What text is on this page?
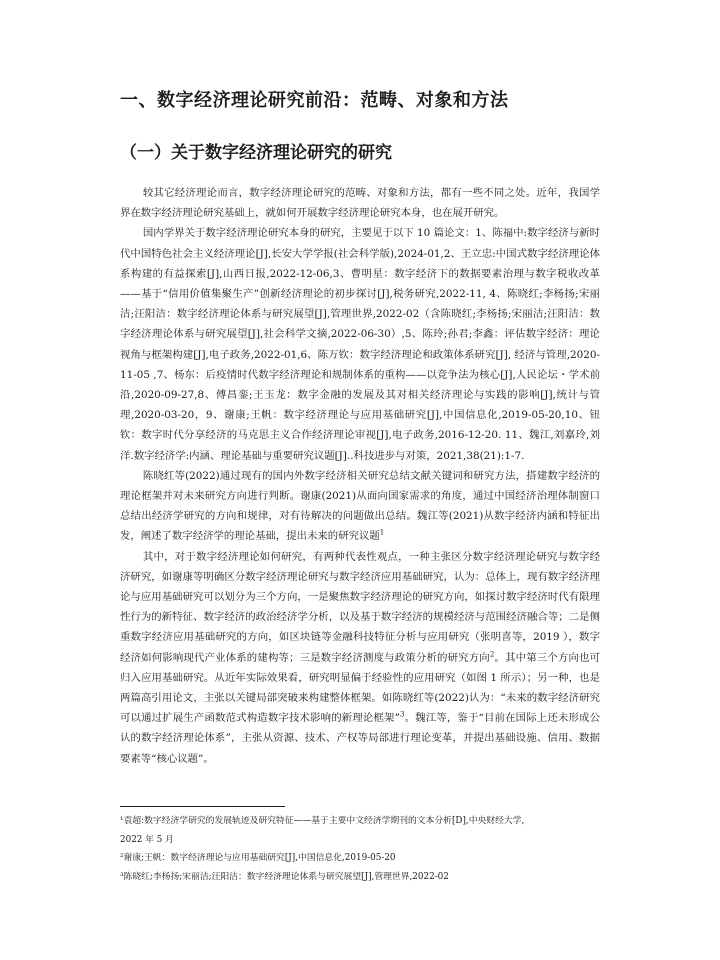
一、数字经济理论研究前沿：范畴、对象和方法
（一）关于数字经济理论研究的研究

较其它经济理论而言，数字经济理论研究的范畴、对象和方法，都有一些不同之处。近年，我国学界在数字经济理论研究基础上，就如何开展数字经济理论研究本身，也在展开研究。

国内学界关于数字经济理论研究本身的研究，主要见于以下 10 篇论文：1、陈福中:数字经济与新时代中国特色社会主义经济理论[J],长安大学学报(社会科学版),2024-01,2、王立忠:中国式数字经济理论体系构建的有益探索[J],山西日报,2022-12-06,3、曹明星：数字经济下的数据要素治理与数字税收改革——基于“信用价值集聚生产”创新经济理论的初步探讨[J],税务研究,2022-11, 4、陈晓红;李杨扬;宋丽洁;汪阳洁：数字经济理论体系与研究展望[J],管理世界,2022-02（含陈晓红;李杨扬;宋丽洁;汪阳洁：数字经济理论体系与研究展望[J],社会科学文摘,2022-06-30）,5、陈玲;孙君;李鑫：评估数字经济：理论视角与框架构建[J],电子政务,2022-01,6、陈万钦：数字经济理论和政策体系研究[J], 经济与管理,2020-11-05 ,7、杨东：后疫情时代数字经济理论和规制体系的重构——以竞争法为核心[J],人民论坛・学术前沿,2020-09-27,8、傅昌銮;王玉龙：数字金融的发展及其对相关经济理论与实践的影响[J],统计与管理,2020-03-20，9、谢康;王帆：数字经济理论与应用基础研究[J],中国信息化,2019-05-20,10、钮钦：数字时代分享经济的马克思主义合作经济理论审视[J],电子政务,2016-12-20. 11、魏江,刘嘉玲,刘洋.数字经济学:内涵、理论基础与重要研究议题[J]..科技进步与对策，2021,38(21):1-7.

陈晓红等(2022)通过现有的国内外数字经济相关研究总结文献关键词和研究方法，搭建数字经济的理论框架并对未来研究方向进行判断。谢康(2021)从面向国家需求的角度，通过中国经济治理体制窗口总结出经济学研究的方向和规律，对有待解决的问题做出总结。魏江等(2021)从数字经济内涵和特征出发，阐述了数字经济学的理论基础，提出未来的研究议题$^1$

其中，对于数字经济理论如何研究，有两种代表性观点，一种主张区分数字经济理论研究与数字经济研究，如谢康等明确区分数字经济理论研究与数字经济应用基础研究，认为：总体上，现有数字经济理论与应用基础研究可以划分为三个方向，一是聚焦数字经济理论的研究方向，如探讨数字经济时代有限理性行为的新特征、数字经济的政治经济学分析，以及基于数字经济的规模经济与范围经济融合等；二是侧重数字经济应用基础研究的方向，如区块链等金融科技特征分析与应用研究（张明喜等，2019 ），数字经济如何影响现代产业体系的建构等；三是数字经济测度与政策分析的研究方向$^2$。其中第三个方向也可归入应用基础研究。从近年实际效果看，研究明显偏于经验性的应用研究（如图 1 所示）；另一种，也是两篇高引用论文，主张以关键局部突破来构建整体框架。如陈晓红等(2022)认为：“未来的数字经济研究可以通过扩展生产函数范式构造数字技术影响的新理论框架”$^3$。魏江等，鉴于“目前在国际上还未形成公认的数字经济理论体系”，主张从资源、技术、产权等局部进行理论变革，并提出基础设施、信用、数据要素等“核心议题”。

¹袁超:数字经济学研究的发展轨迹及研究特征——基于主要中文经济学期刊的文本分析[D],中央财经大学,
2022 年 5 月
²谢康;王帆：数字经济理论与应用基础研究[J],中国信息化,2019-05-20
³陈晓红;李杨扬;宋丽洁;汪阳洁：数字经济理论体系与研究展望[J],管理世界,2022-02
